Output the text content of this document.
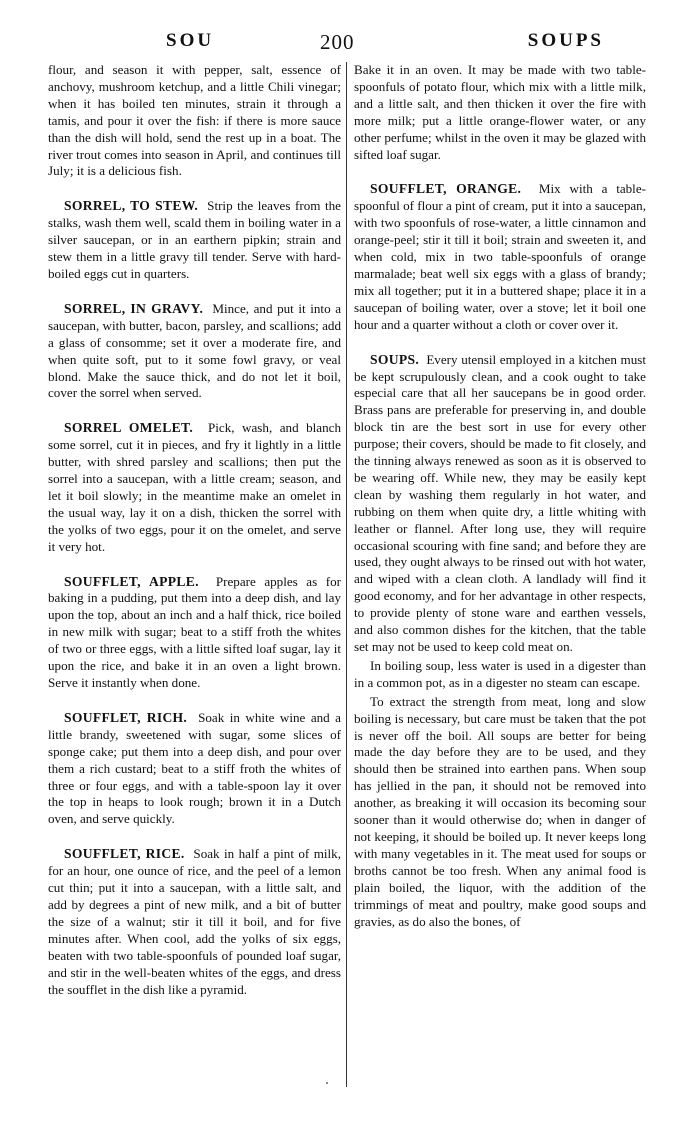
SOU	200	SOUPS

flour, and season it with pepper, salt, essence of anchovy, mushroom ketchup, and a little Chili vinegar; when it has boiled ten minutes, strain it through a tamis, and pour it over the fish: if there is more sauce than the dish will hold, send the rest up in a boat. The river trout comes into season in April, and continues till July; it is a delicious fish.

SORREL, TO STEW. Strip the leaves from the stalks, wash them well, scald them in boiling water in a silver saucepan, or in an earthern pipkin; strain and stew them in a little gravy till tender. Serve with hard-boiled eggs cut in quarters.

SORREL, IN GRAVY. Mince, and put it into a saucepan, with butter, bacon, parsley, and scallions; add a glass of consomme; set it over a moderate fire, and when quite soft, put to it some fowl gravy, or veal blond. Make the sauce thick, and do not let it boil, cover the sorrel when served.

SORREL OMELET. Pick, wash, and blanch some sorrel, cut it in pieces, and fry it lightly in a little butter, with shred parsley and scallions; then put the sorrel into a saucepan, with a little cream; season, and let it boil slowly; in the meantime make an omelet in the usual way, lay it on a dish, thicken the sorrel with the yolks of two eggs, pour it on the omelet, and serve it very hot.

SOUFFLET, APPLE. Prepare apples as for baking in a pudding, put them into a deep dish, and lay upon the top, about an inch and a half thick, rice boiled in new milk with sugar; beat to a stiff froth the whites of two or three eggs, with a little sifted loaf sugar, lay it upon the rice, and bake it in an oven a light brown. Serve it instantly when done.

SOUFFLET, RICH. Soak in white wine and a little brandy, sweetened with sugar, some slices of sponge cake; put them into a deep dish, and pour over them a rich custard; beat to a stiff froth the whites of three or four eggs, and with a table-spoon lay it over the top in heaps to look rough; brown it in a Dutch oven, and serve quickly.

SOUFFLET, RICE. Soak in half a pint of milk, for an hour, one ounce of rice, and the peel of a lemon cut thin; put it into a saucepan, with a little salt, and add by degrees a pint of new milk, and a bit of butter the size of a walnut; stir it till it boil, and for five minutes after. When cool, add the yolks of six eggs, beaten with two table-spoonfuls of pounded loaf sugar, and stir in the well-beaten whites of the eggs, and dress the soufflet in the dish like a pyramid.

Bake it in an oven. It may be made with two table-spoonfuls of potato flour, which mix with a little milk, and a little salt, and then thicken it over the fire with more milk; put a little orange-flower water, or any other perfume; whilst in the oven it may be glazed with sifted loaf sugar.

SOUFFLET, ORANGE. Mix with a table-spoonful of flour a pint of cream, put it into a saucepan, with two spoonfuls of rose-water, a little cinnamon and orange-peel; stir it till it boil; strain and sweeten it, and when cold, mix in two table-spoonfuls of orange marmalade; beat well six eggs with a glass of brandy; mix all together; put it in a buttered shape; place it in a saucepan of boiling water, over a stove; let it boil one hour and a quarter without a cloth or cover over it.

SOUPS. Every utensil employed in a kitchen must be kept scrupulously clean, and a cook ought to take especial care that all her saucepans be in good order. Brass pans are preferable for preserving in, and double block tin are the best sort in use for every other purpose; their covers, should be made to fit closely, and the tinning always renewed as soon as it is observed to be wearing off. While new, they may be easily kept clean by washing them regularly in hot water, and rubbing on them when quite dry, a little whiting with leather or flannel. After long use, they will require occasional scouring with fine sand; and before they are used, they ought always to be rinsed out with hot water, and wiped with a clean cloth. A landlady will find it good economy, and for her advantage in other respects, to provide plenty of stone ware and earthen vessels, and also common dishes for the kitchen, that the table set may not be used to keep cold meat on.

In boiling soup, less water is used in a digester than in a common pot, as in a digester no steam can escape.

To extract the strength from meat, long and slow boiling is necessary, but care must be taken that the pot is never off the boil. All soups are better for being made the day before they are to be used, and they should then be strained into earthen pans. When soup has jellied in the pan, it should not be removed into another, as breaking it will occasion its becoming sour sooner than it would otherwise do; when in danger of not keeping, it should be boiled up. It never keeps long with many vegetables in it. The meat used for soups or broths cannot be too fresh. When any animal food is plain boiled, the liquor, with the addition of the trimmings of meat and poultry, make good soups and gravies, as do also the bones, of
